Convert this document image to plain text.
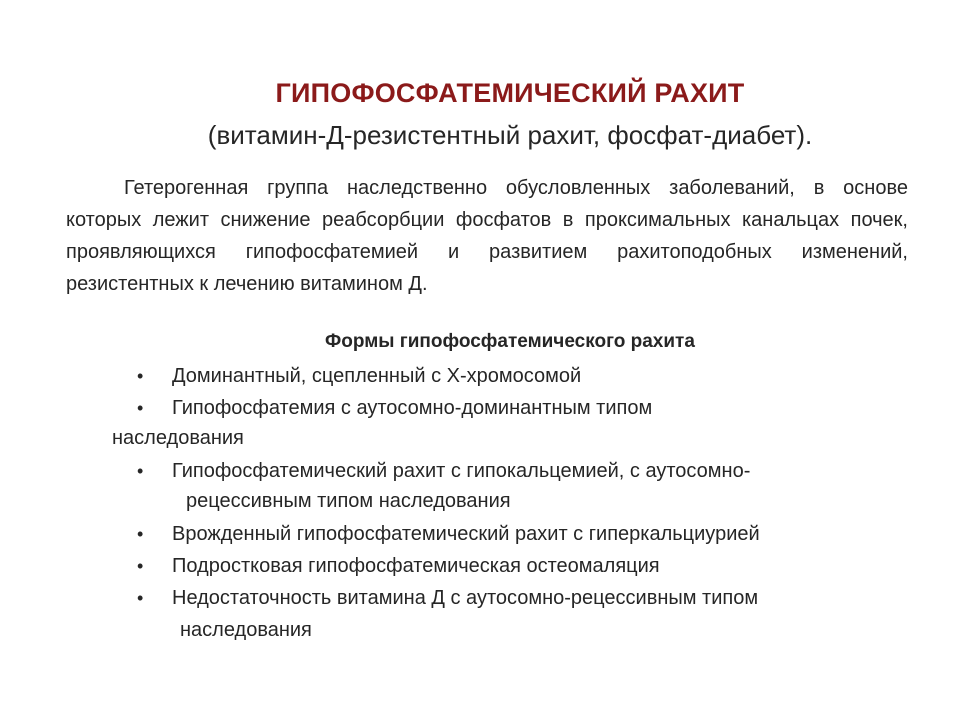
ГИПОФОСФАТЕМИЧЕСКИЙ РАХИТ
(витамин-Д-резистентный рахит, фосфат-диабет).

Гетерогенная группа наследственно обусловленных заболеваний, в основе которых лежит снижение реабсорбции фосфатов в проксимальных канальцах почек, проявляющихся гипофосфатемией и развитием рахитоподобных изменений, резистентных к лечению витамином Д.

Формы гипофосфатемического рахита
• Доминантный, сцепленный с Х-хромосомой
• Гипофосфатемия с аутосомно-доминантным типом
наследования
• Гипофосфатемический рахит с гипокальцемией, с аутосомно-
рецессивным типом наследования
• Врожденный гипофосфатемический рахит с гиперкальциурией
• Подростковая гипофосфатемическая остеомаляция
• Недостаточность витамина Д с аутосомно-рецессивным типом
наследования
